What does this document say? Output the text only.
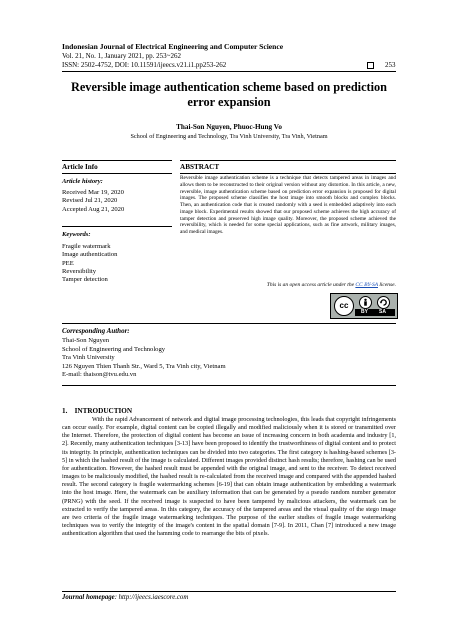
Indonesian Journal of Electrical Engineering and Computer Science
Vol. 21, No. 1, January 2021, pp. 253~262
ISSN: 2502-4752, DOI: 10.11591/ijeecs.v21.i1.pp253-262	253
Reversible image authentication scheme based on prediction error expansion
Thai-Son Nguyen, Phuoc-Hung Vo
School of Engineering and Technology, Tra Vinh University, Tra Vinh, Vietnam
Article Info	ABSTRACT
Article history:
Received Mar 19, 2020
Revised Jul 21, 2020
Accepted Aug 21, 2020
Keywords:
Fragile watermark
Image authentication
PEE
Reversibility
Tamper detection

Reversible image authentication scheme is a technique that detects tampered areas in images and allows them to be reconstructed to their original version without any distortion. In this article, a new, reversible, image authentication scheme based on prediction error expansion is proposed for digital images. The proposed scheme classifies the host image into smooth blocks and complex blocks. Then, an authentication code that is created randomly with a seed is embedded adaptively into each image block. Experimental results showed that our proposed scheme achieves the high accuracy of tamper detection and preserved high image quality. Moreover, the proposed scheme achieved the reversibility, which is needed for some special applications, such as fine artwork, military images, and medical images.

This is an open access article under the CC BY-SA license.
cc
BY SA
Corresponding Author:
Thai-Son Nguyen
School of Engineering and Technology
Tra Vinh University
126 Nguyen Thien Thanh Str., Ward 5, Tra Vinh city, Vietnam
E-mail: thaison@tvu.edu.vn
1. INTRODUCTION

With the rapid Advancement of network and digital image processing technologies, this leads that copyright infringements can occur easily. For example, digital content can be copied illegally and modified maliciously when it is stored or transmitted over the Internet. Therefore, the protection of digital content has become an issue of increasing concern in both academia and industry [1, 2]. Recently, many authentication techniques [3-13] have been proposed to identify the trustworthiness of digital content and to protect its integrity. In principle, authentication techniques can be divided into two categories. The first category is hashing-based schemes [3-5] in which the hashed result of the image is calculated. Different images provided distinct hash results; therefore, hashing can be used for authentication. However, the hashed result must be appended with the original image, and sent to the receiver. To detect received images to be maliciously modified, the hashed result is re-calculated from the received image and compared with the appended hashed result. The second category is fragile watermarking schemes [6-19] that can obtain image authentication by embedding a watermark into the host image. Here, the watermark can be auxiliary information that can be generated by a pseudo random number generator (PRNG) with the seed. If the received image is suspected to have been tampered by malicious attackers, the watermark can be extracted to verify the tampered areas. In this category, the accuracy of the tampered areas and the visual quality of the stego image are two criteria of the fragile image watermarking techniques. The purpose of the earlier studies of fragile image watermarking techniques was to verify the integrity of the image's content in the spatial domain [7-9]. In 2011, Chan [7] introduced a new image authentication algorithm that used the hamming code to rearrange the bits of pixels.

Journal homepage: http://ijeecs.iaescore.com
